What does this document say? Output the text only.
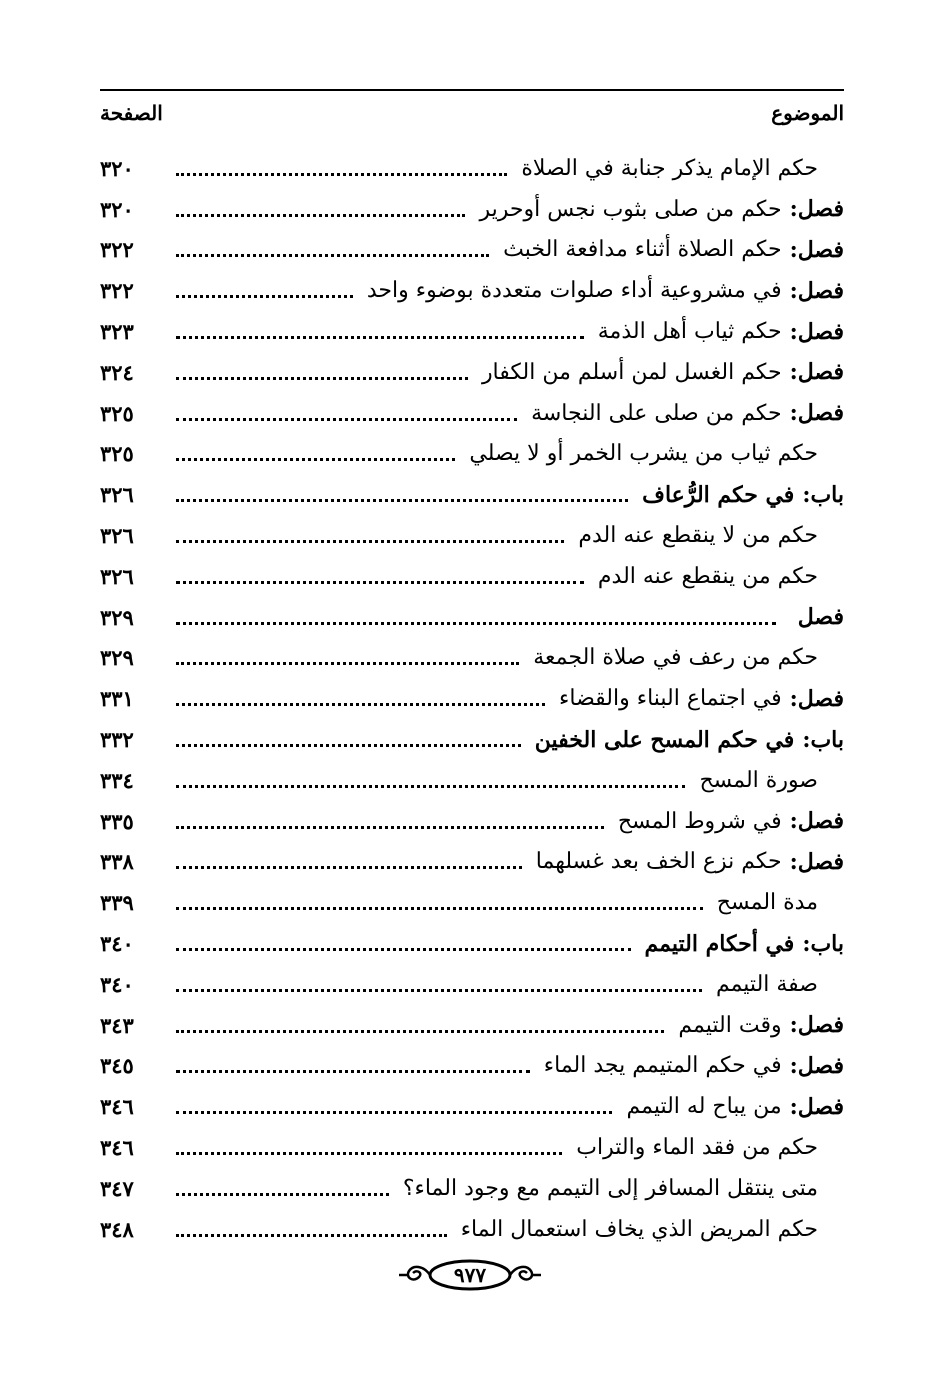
الموضوع
الصفحة
حكم الإمام يذكر جنابة في الصلاة
٣٢٠
فصل:
حكم من صلى بثوب نجس أوحرير
٣٢٠
فصل:
حكم الصلاة أثناء مدافعة الخبث
٣٢٢
فصل:
في مشروعية أداء صلوات متعددة بوضوء واحد
٣٢٢
فصل:
حكم ثياب أهل الذمة
٣٢٣
فصل:
حكم الغسل لمن أسلم من الكفار
٣٢٤
فصل:
حكم من صلى على النجاسة
٣٢٥
حكم ثياب من يشرب الخمر أو لا يصلي
٣٢٥
باب:
في حكم الرُّعاف
٣٢٦
حكم من لا ينقطع عنه الدم
٣٢٦
حكم من ينقطع عنه الدم
٣٢٦
فصل
٣٢٩
حكم من رعف في صلاة الجمعة
٣٢٩
فصل:
في اجتماع البناء والقضاء
٣٣١
باب:
في حكم المسح على الخفين
٣٣٢
صورة المسح
٣٣٤
فصل:
في شروط المسح
٣٣٥
فصل:
حكم نزع الخف بعد غسلهما
٣٣٨
مدة المسح
٣٣٩
باب:
في أحكام التيمم
٣٤٠
صفة التيمم
٣٤٠
فصل:
وقت التيمم
٣٤٣
فصل:
في حكم المتيمم يجد الماء
٣٤٥
فصل:
من يباح له التيمم
٣٤٦
حكم من فقد الماء والتراب
٣٤٦
متى ينتقل المسافر إلى التيمم مع وجود الماء؟
٣٤٧
حكم المريض الذي يخاف استعمال الماء
٣٤٨
٩٧٧
